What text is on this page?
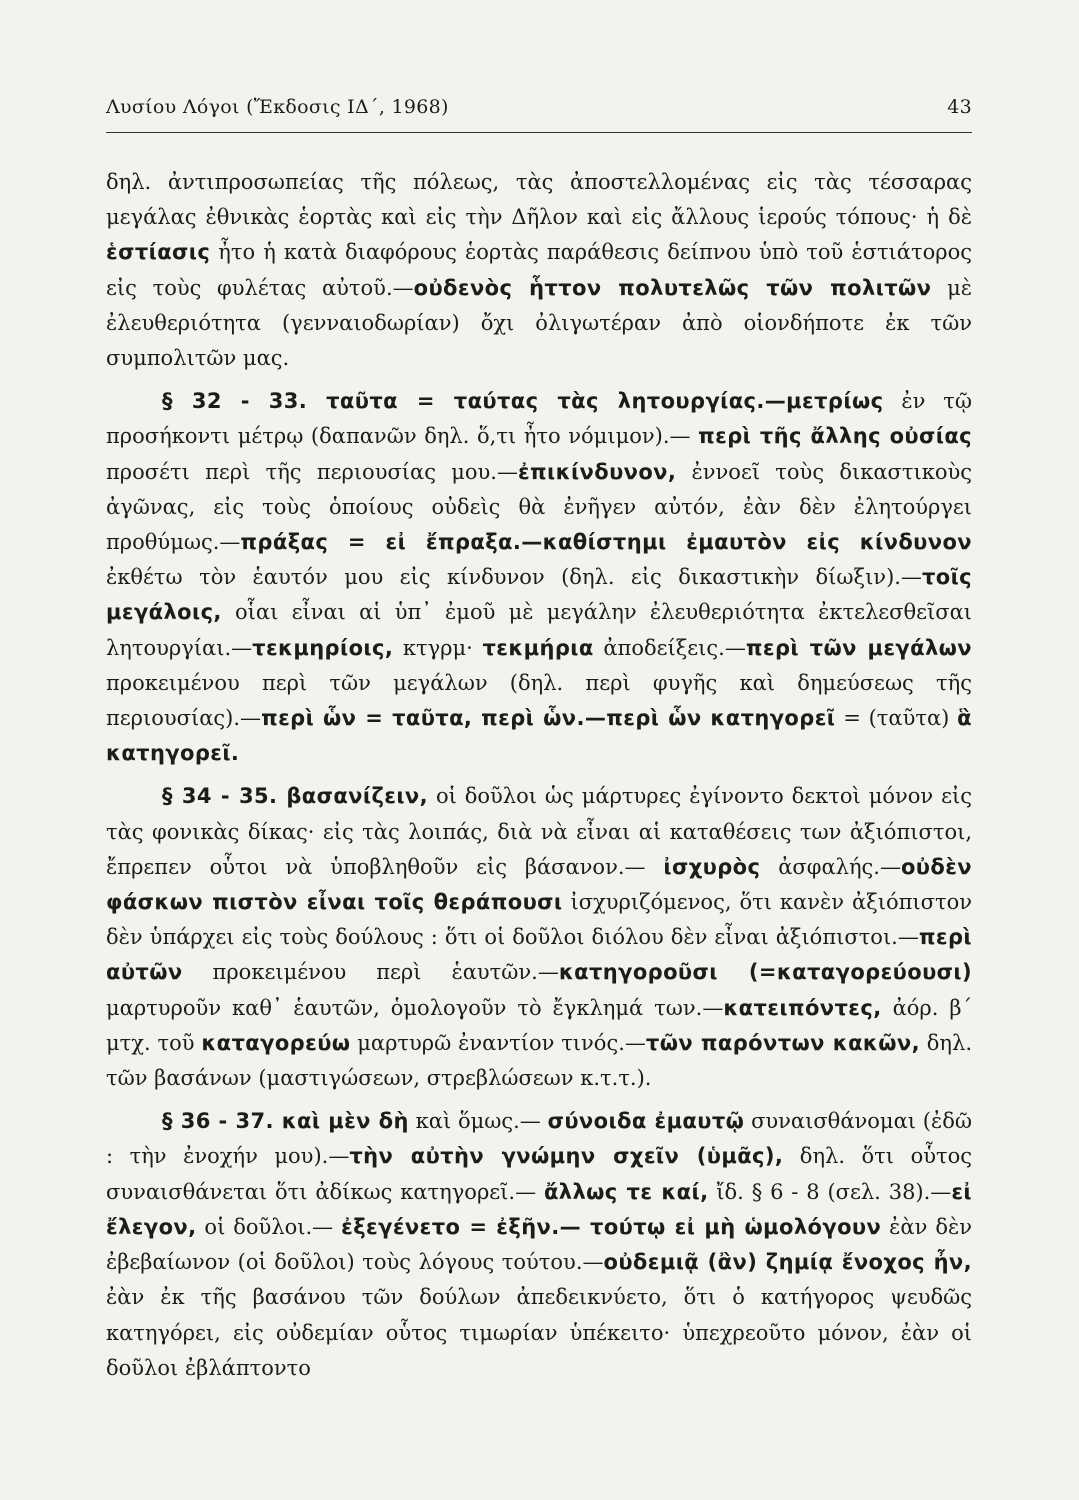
Λυσίου Λόγοι (Ἔκδοσις ΙΔ΄, 1968)	43

δηλ. ἀντιπροσωπείας τῆς πόλεως, τὰς ἀποστελλομένας εἰς τὰς τέσσαρας μεγάλας ἐθνικὰς ἑορτὰς καὶ εἰς τὴν Δῆλον καὶ εἰς ἄλλους ἱερούς τόπους· ἡ δὲ ἑστίασις ἦτο ἡ κατὰ διαφόρους ἑορτὰς παράθεσις δείπνου ὑπὸ τοῦ ἑστιάτορος εἰς τοὺς φυλέτας αὐτοῦ.—οὐδενὸς ἧττον πολυτελῶς τῶν πολιτῶν μὲ ἐλευθεριότητα (γενναιοδωρίαν) ὄχι ὀλιγωτέραν ἀπὸ οἱονδήποτε ἐκ τῶν συμπολιτῶν μας.

§ 32 - 33. ταῦτα = ταύτας τὰς λητουργίας.—μετρίως ἐν τῷ προσήκοντι μέτρῳ (δαπανῶν δηλ. ὅ,τι ἦτο νόμιμον).— περὶ τῆς ἄλλης οὐσίας προσέτι περὶ τῆς περιουσίας μου.—ἐπικίνδυνον, ἐννοεῖ τοὺς δικαστικοὺς ἀγῶνας, εἰς τοὺς ὁποίους οὐδεὶς θὰ ἐνῆγεν αὐτόν, ἐὰν δὲν ἐλητούργει προθύμως.—πράξας = εἰ ἔπραξα.—καθίστημι ἐμαυτὸν εἰς κίνδυνον ἐκθέτω τὸν ἑαυτόν μου εἰς κίνδυνον (δηλ. εἰς δικαστικὴν δίωξιν).—τοῖς μεγάλοις, οἷαι εἶναι αἱ ὑπ᾽ ἐμοῦ μὲ μεγάλην ἐλευθεριότητα ἐκτελεσθεῖσαι λητουργίαι.—τεκμηρίοις, κτγρμ· τεκμήρια ἀποδείξεις.—περὶ τῶν μεγάλων προκειμένου περὶ τῶν μεγάλων (δηλ. περὶ φυγῆς καὶ δημεύσεως τῆς περιουσίας).—περὶ ὧν = ταῦτα, περὶ ὧν.—περὶ ὧν κατηγορεῖ = (ταῦτα) ἃ κατηγορεῖ.

§ 34 - 35. βασανίζειν, οἱ δοῦλοι ὡς μάρτυρες ἐγίνοντο δεκτοὶ μόνον εἰς τὰς φονικὰς δίκας· εἰς τὰς λοιπάς, διὰ νὰ εἶναι αἱ καταθέσεις των ἀξιόπιστοι, ἔπρεπεν οὗτοι νὰ ὑποβληθοῦν εἰς βάσανον.— ἰσχυρὸς ἀσφαλής.—οὐδὲν φάσκων πιστὸν εἶναι τοῖς θεράπουσι ἰσχυριζόμενος, ὅτι κανὲν ἀξιόπιστον δὲν ὑπάρχει εἰς τοὺς δούλους : ὅτι οἱ δοῦλοι διόλου δὲν εἶναι ἀξιόπιστοι.—περὶ αὐτῶν προκειμένου περὶ ἑαυτῶν.—κατηγοροῦσι (=καταγορεύουσι) μαρτυροῦν καθ᾽ ἑαυτῶν, ὁμολογοῦν τὸ ἔγκλημά των.—κατειπόντες, ἀόρ. β΄ μτχ. τοῦ καταγορεύω μαρτυρῶ ἐναντίον τινός.—τῶν παρόντων κακῶν, δηλ. τῶν βασάνων (μαστιγώσεων, στρεβλώσεων κ.τ.τ.).

§ 36 - 37. καὶ μὲν δὴ καὶ ὅμως.— σύνοιδα ἐμαυτῷ συναισθάνομαι (ἐδῶ : τὴν ἐνοχήν μου).—τὴν αὐτὴν γνώμην σχεῖν (ὑμᾶς), δηλ. ὅτι οὗτος συναισθάνεται ὅτι ἀδίκως κατηγορεῖ.— ἄλλως τε καί, ἴδ. § 6 - 8 (σελ. 38).—εἰ ἔλεγον, οἱ δοῦλοι.— ἐξεγένετο = ἐξῆν.— τούτῳ εἰ μὴ ὡμολόγουν ἐὰν δὲν ἐβεβαίωνον (οἱ δοῦλοι) τοὺς λόγους τούτου.—οὐδεμιᾷ (ἂν) ζημίᾳ ἔνοχος ἦν, ἐὰν ἐκ τῆς βασάνου τῶν δούλων ἀπεδεικνύετο, ὅτι ὁ κατήγορος ψευδῶς κατηγόρει, εἰς οὐδεμίαν οὗτος τιμωρίαν ὑπέκειτο· ὑπεχρεοῦτο μόνον, ἐὰν οἱ δοῦλοι ἐβλάπτοντο
